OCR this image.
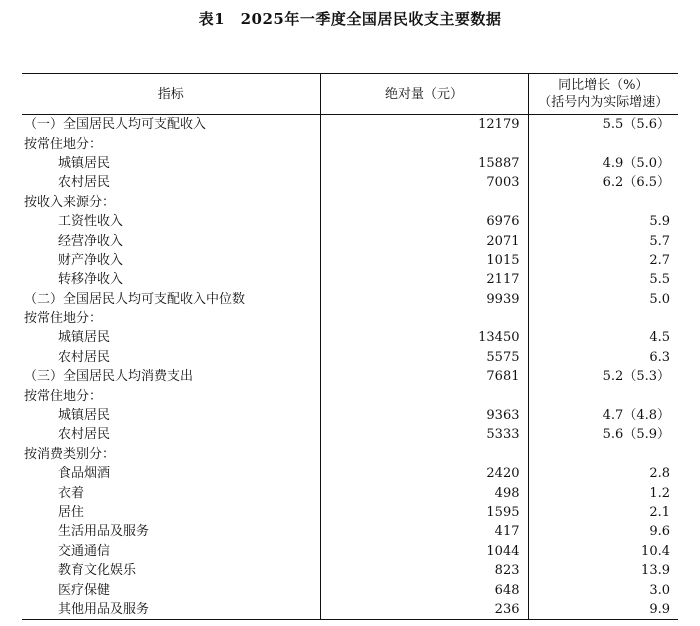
表1　2025年一季度全国居民收支主要数据
指标	绝对量（元）	同比增长（%）
（括号内为实际增速）

（一）全国居民人均可支配收入	12179	5.5（5.6）
按常住地分：		
城镇居民	15887	4.9（5.0）
农村居民	7003	6.2（6.5）
按收入来源分：		
工资性收入	6976	5.9
经营净收入	2071	5.7
财产净收入	1015	2.7
转移净收入	2117	5.5
（二）全国居民人均可支配收入中位数	9939	5.0
按常住地分：		
城镇居民	13450	4.5
农村居民	5575	6.3
（三）全国居民人均消费支出	7681	5.2（5.3）
按常住地分：		
城镇居民	9363	4.7（4.8）
农村居民	5333	5.6（5.9）
按消费类别分：		
食品烟酒	2420	2.8
衣着	498	1.2
居住	1595	2.1
生活用品及服务	417	9.6
交通通信	1044	10.4
教育文化娱乐	823	13.9
医疗保健	648	3.0
其他用品及服务	236	9.9
